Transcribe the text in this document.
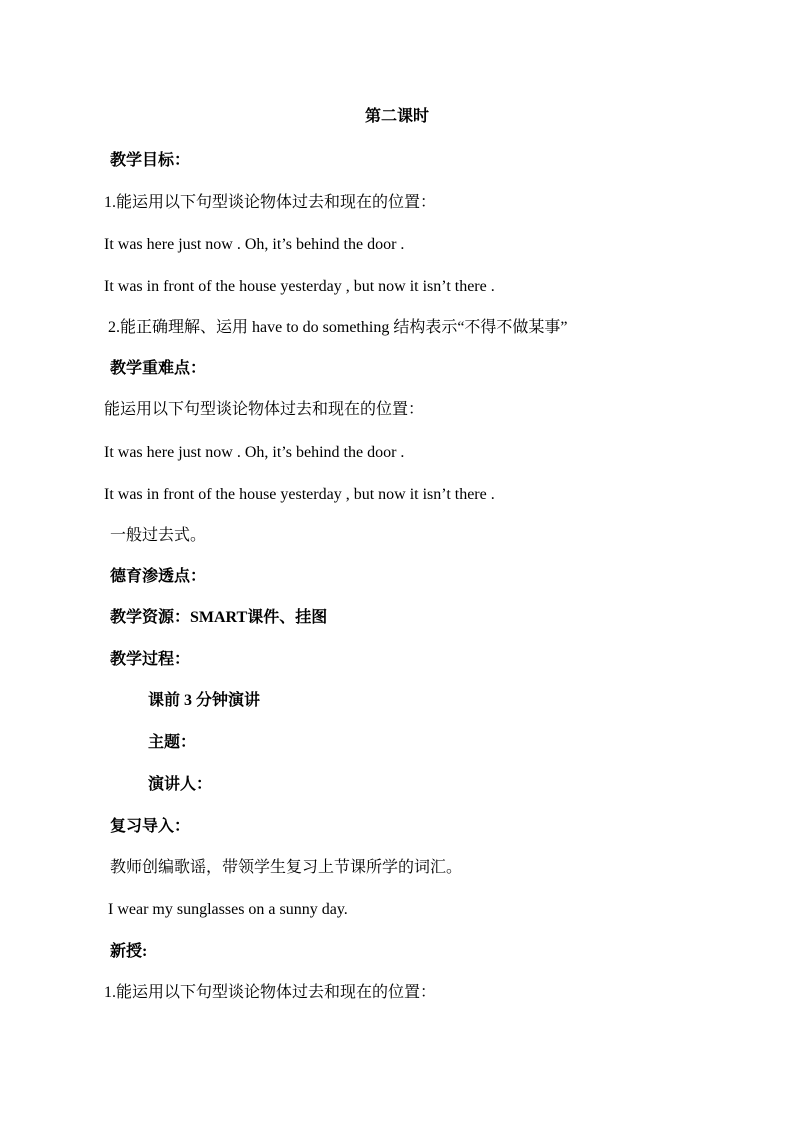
第二课时
教学目标：
1.能运用以下句型谈论物体过去和现在的位置：
It was here just now . Oh, it’s behind the door .
It was in front of the house yesterday , but now it isn’t there .
2.能正确理解、运用 have to do something 结构表示“不得不做某事”
教学重难点：
能运用以下句型谈论物体过去和现在的位置：
It was here just now . Oh, it’s behind the door .
It was in front of the house yesterday , but now it isn’t there .
一般过去式。
德育渗透点：
教学资源：SMART课件、挂图
教学过程：
课前 3 分钟演讲
主题：
演讲人：
复习导入：
教师创编歌谣，带领学生复习上节课所学的词汇。
I wear my sunglasses on a sunny day.
新授:
1.能运用以下句型谈论物体过去和现在的位置：
